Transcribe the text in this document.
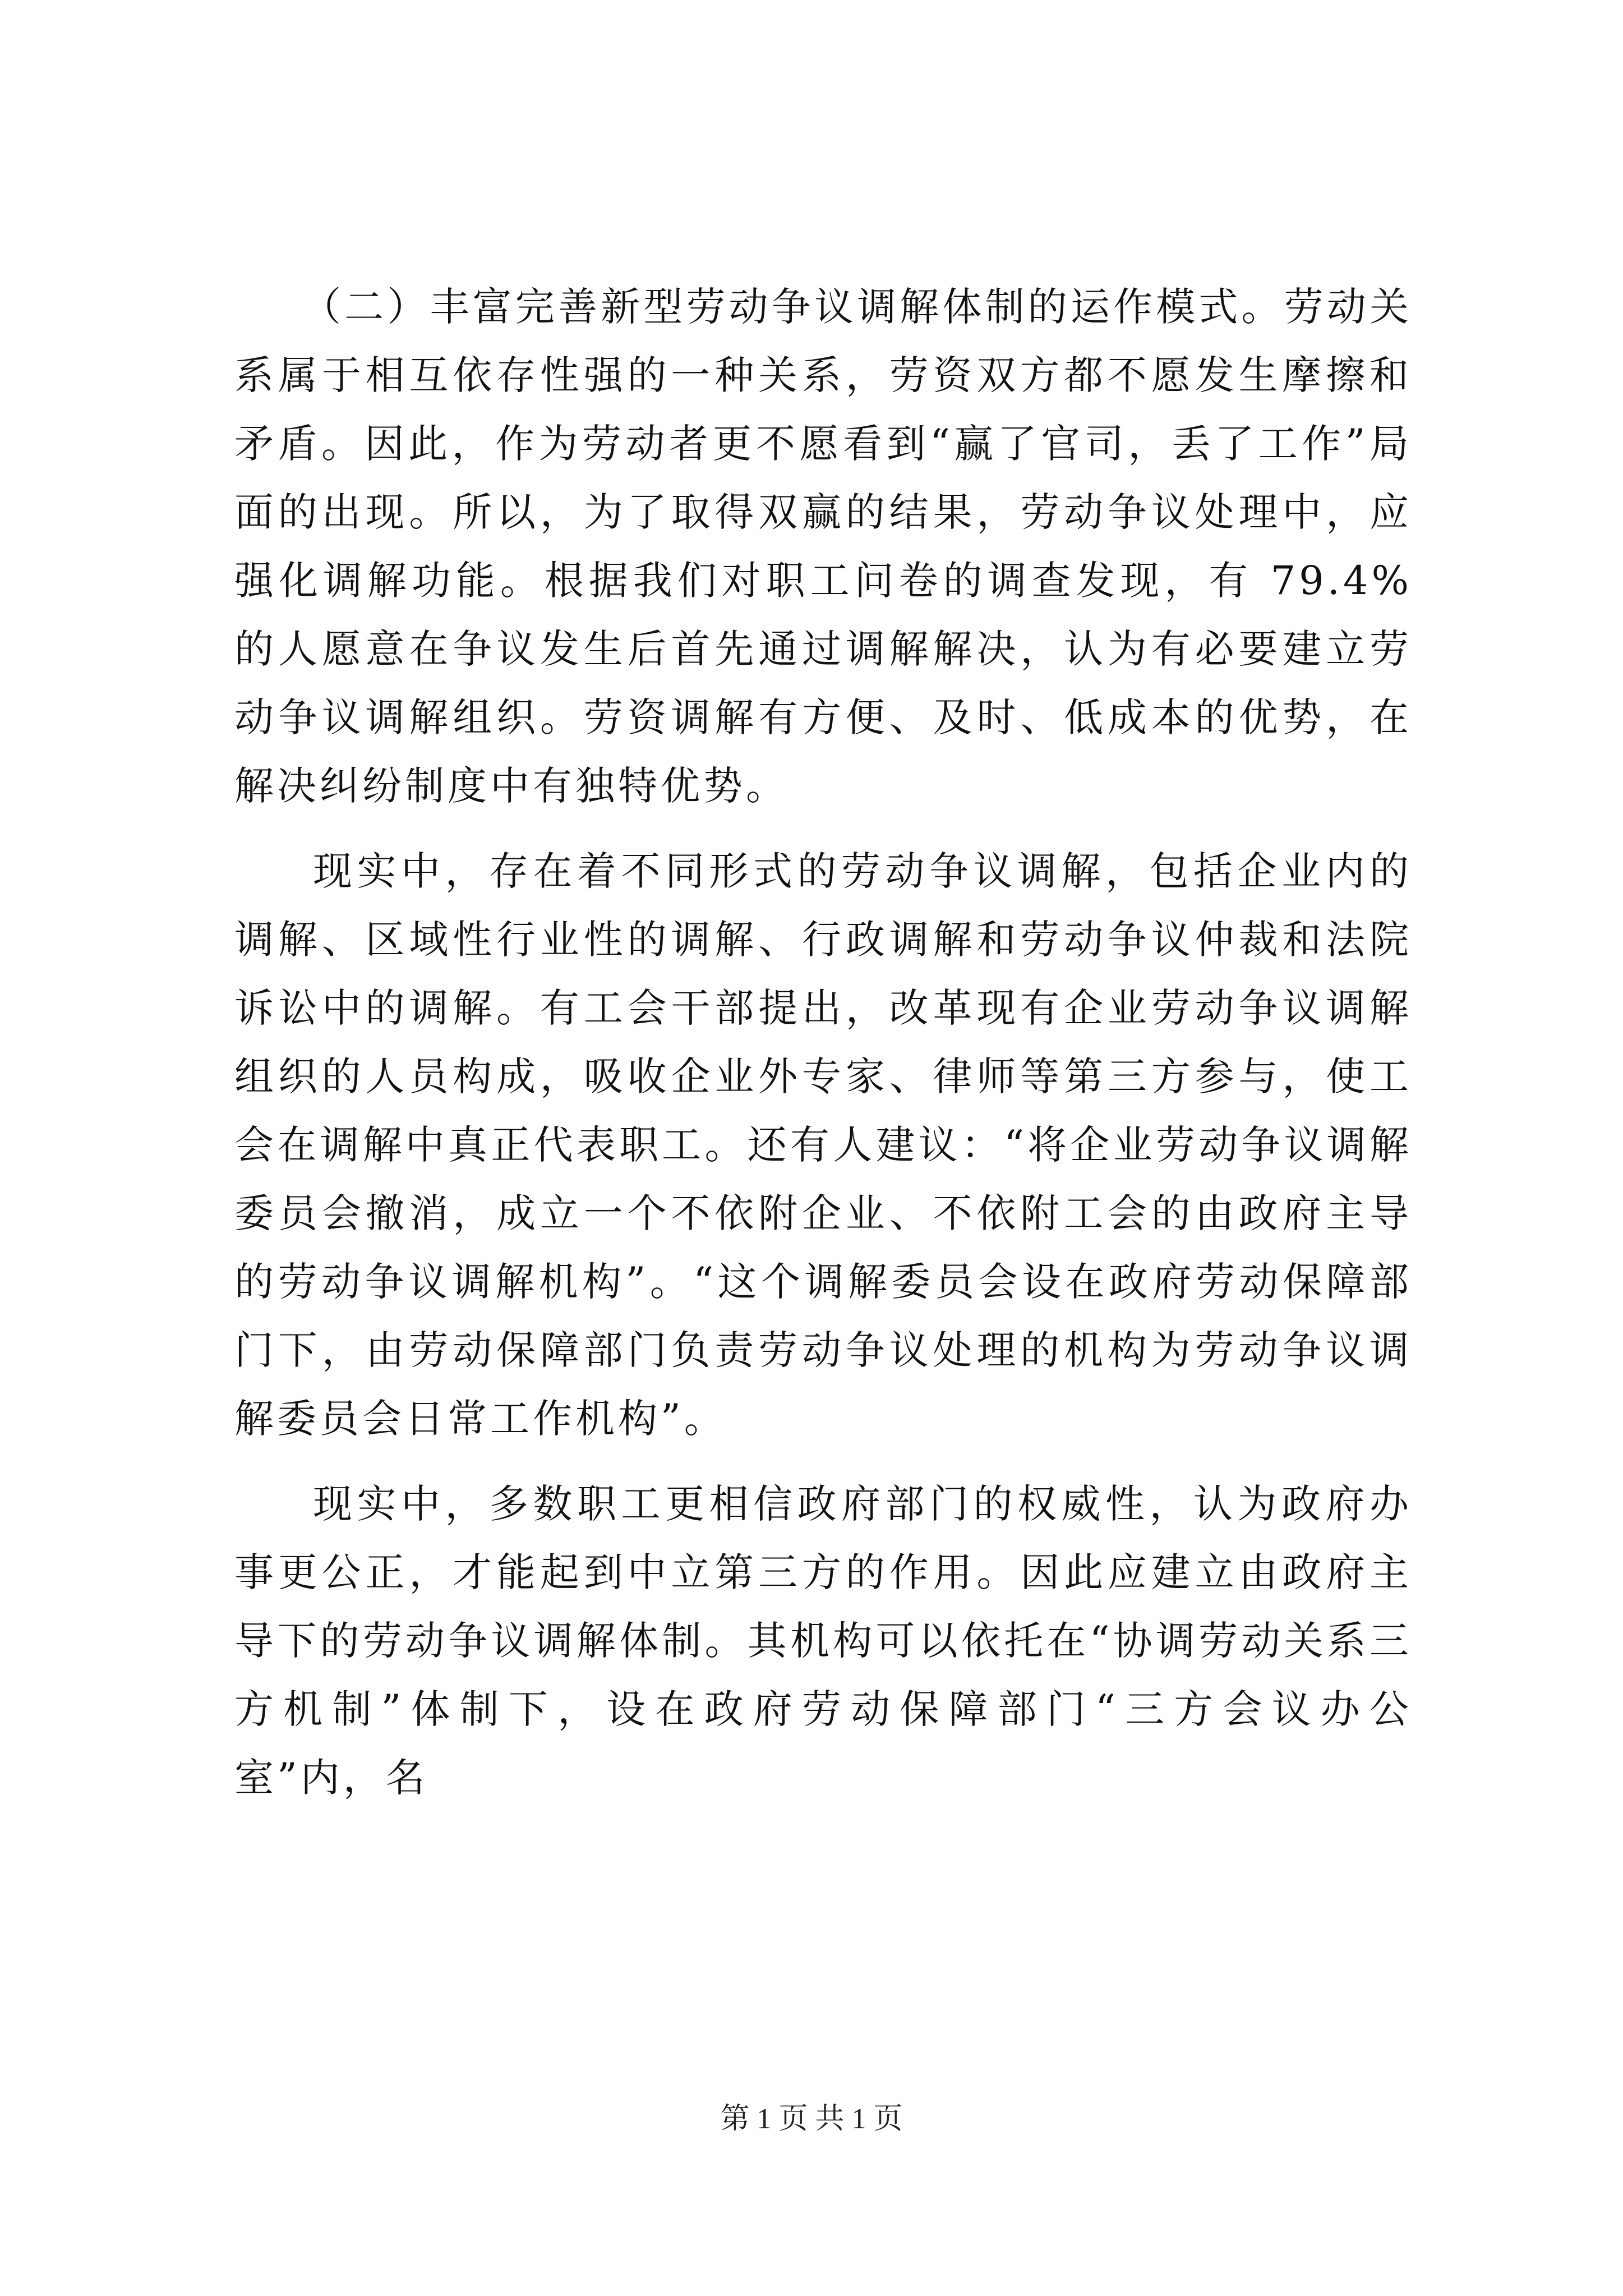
（二）丰富完善新型劳动争议调解体制的运作模式。劳动关系属于相互依存性强的一种关系，劳资双方都不愿发生摩擦和矛盾。因此，作为劳动者更不愿看到“赢了官司，丢了工作”局面的出现。所以，为了取得双赢的结果，劳动争议处理中，应强化调解功能。根据我们对职工问卷的调查发现，有 79.4%的人愿意在争议发生后首先通过调解解决，认为有必要建立劳动争议调解组织。劳资调解有方便、及时、低成本的优势，在解决纠纷制度中有独特优势。

现实中，存在着不同形式的劳动争议调解，包括企业内的调解、区域性行业性的调解、行政调解和劳动争议仲裁和法院诉讼中的调解。有工会干部提出，改革现有企业劳动争议调解组织的人员构成，吸收企业外专家、律师等第三方参与，使工会在调解中真正代表职工。还有人建议：“将企业劳动争议调解委员会撤消，成立一个不依附企业、不依附工会的由政府主导的劳动争议调解机构”。“这个调解委员会设在政府劳动保障部门下，由劳动保障部门负责劳动争议处理的机构为劳动争议调解委员会日常工作机构”。

现实中，多数职工更相信政府部门的权威性，认为政府办事更公正，才能起到中立第三方的作用。因此应建立由政府主导下的劳动争议调解体制。其机构可以依托在“协调劳动关系三方机制”体制下，设在政府劳动保障部门“三方会议办公室”内，名

第 1 页 共 1 页
